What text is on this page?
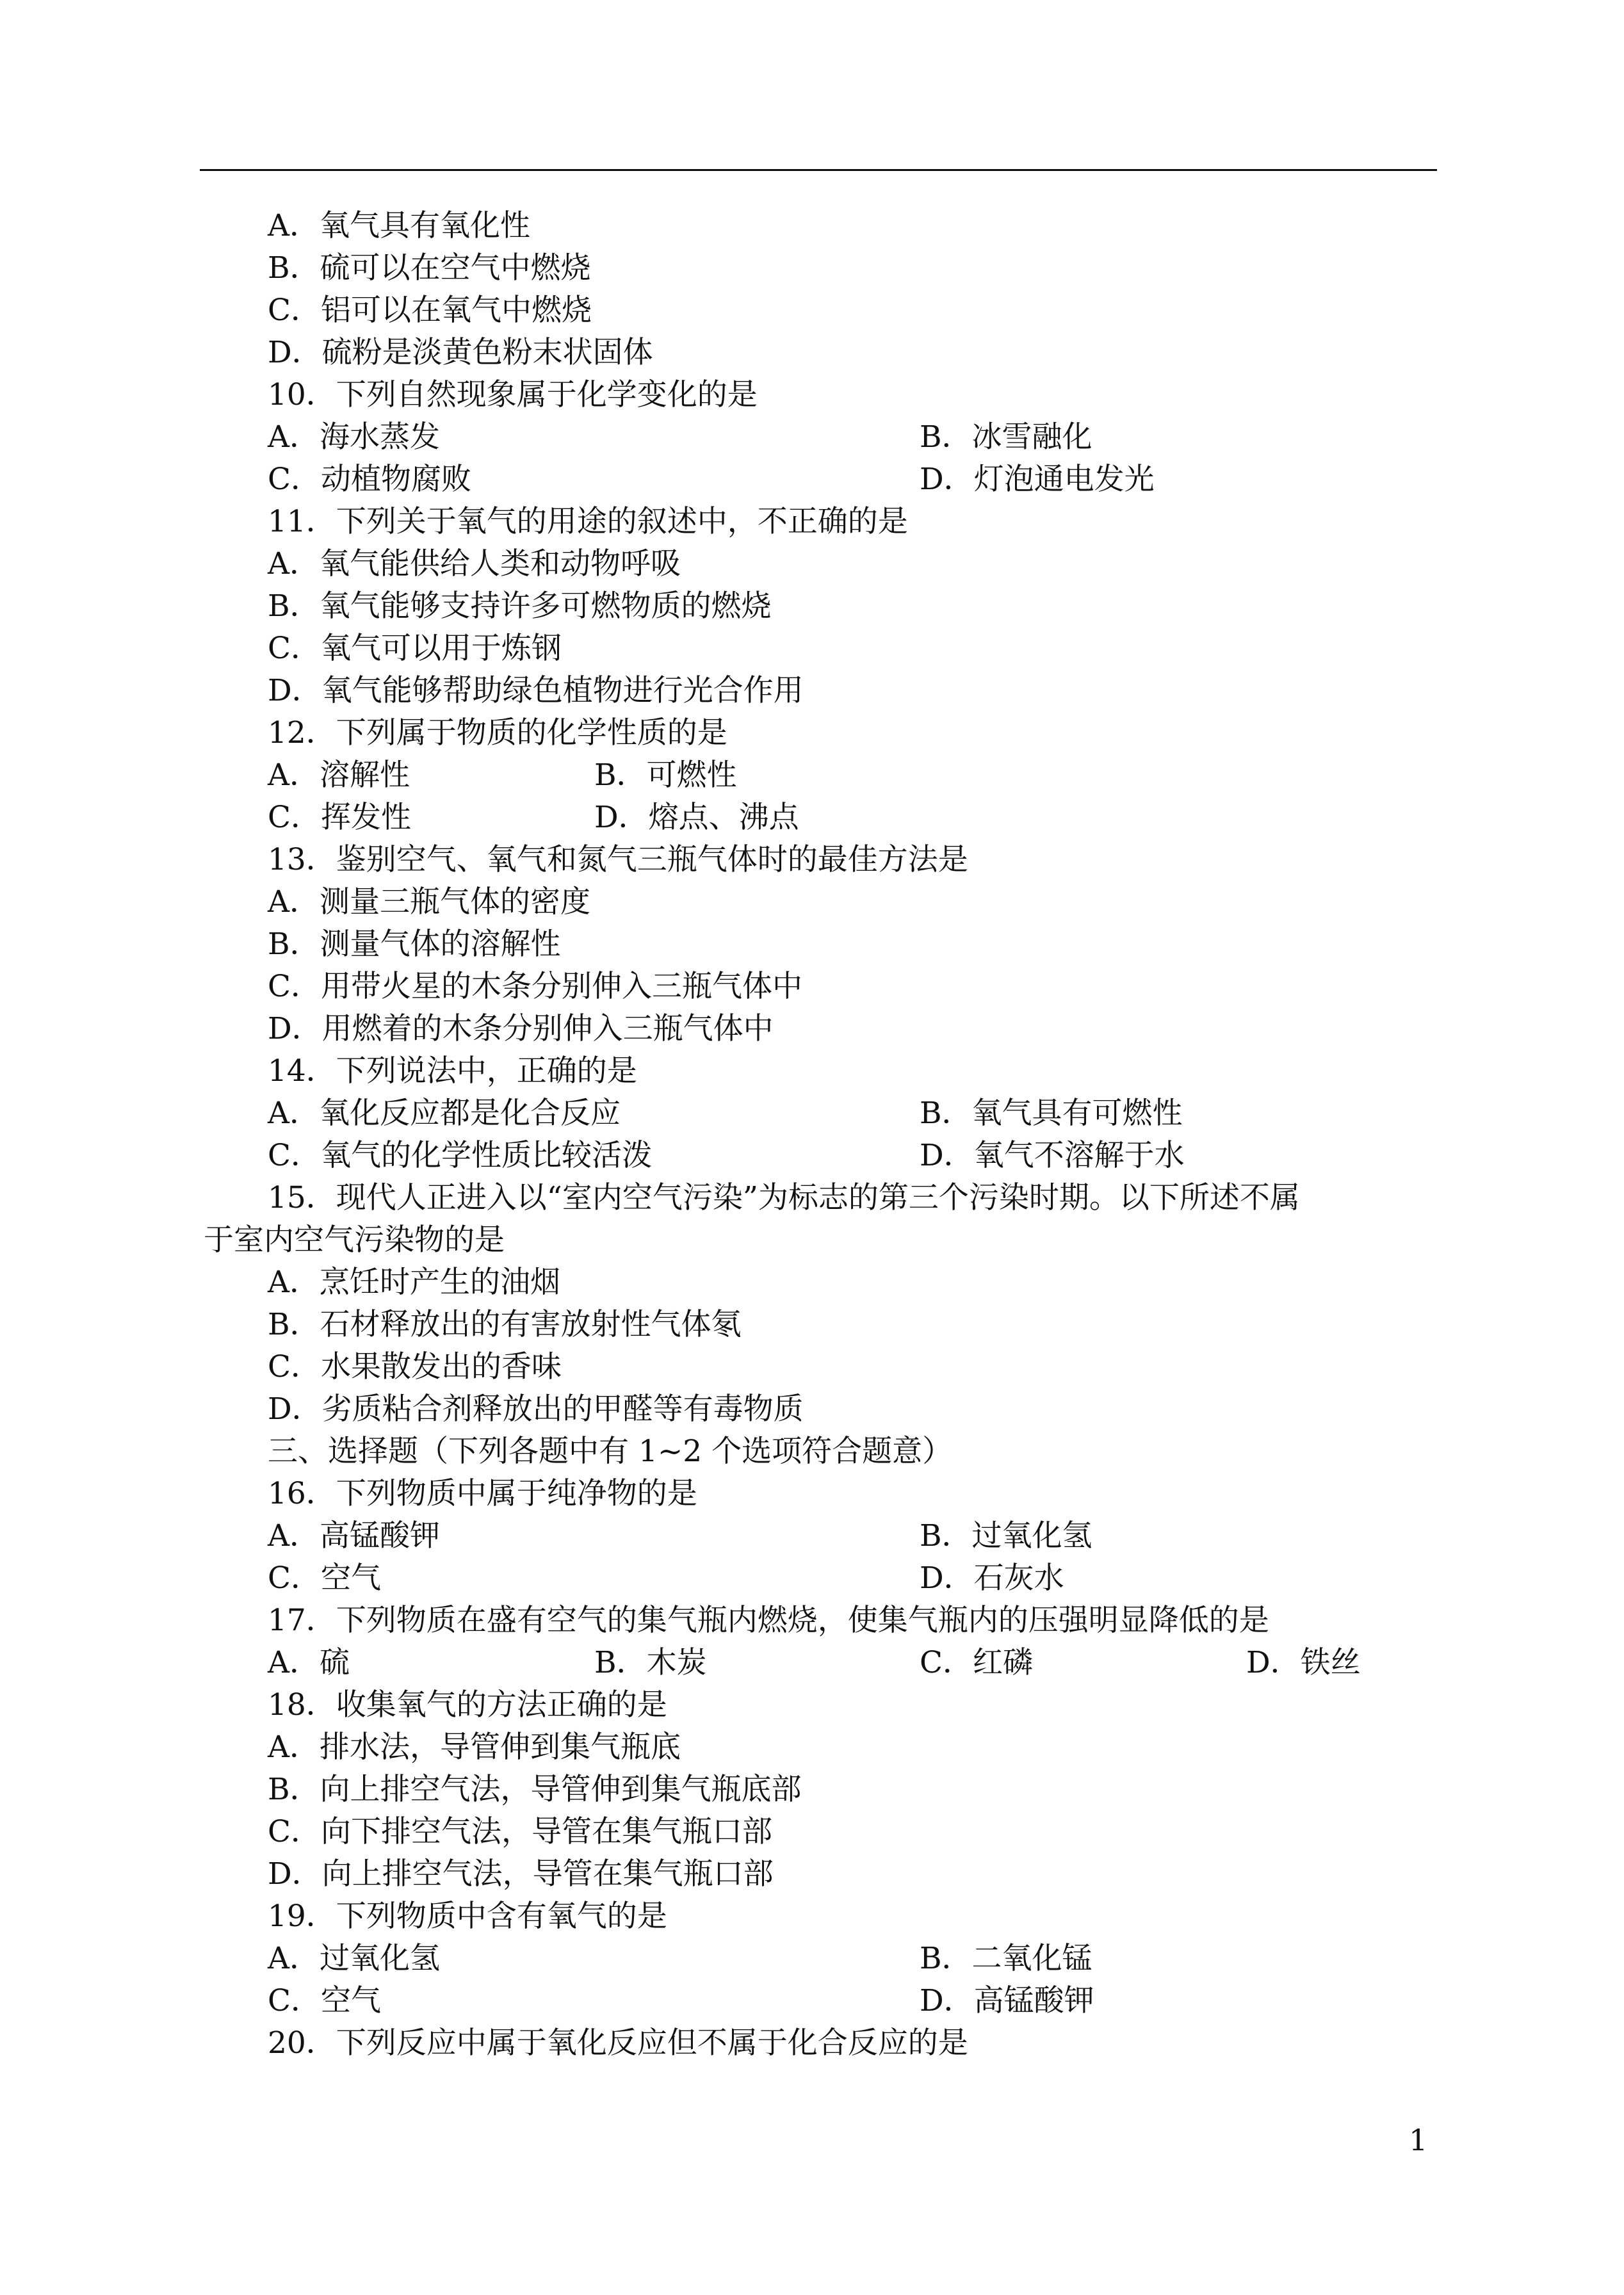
A．氧气具有氧化性
B．硫可以在空气中燃烧
C．铝可以在氧气中燃烧
D．硫粉是淡黄色粉末状固体
10．下列自然现象属于化学变化的是
A．海水蒸发	B．冰雪融化
C．动植物腐败	D．灯泡通电发光
11．下列关于氧气的用途的叙述中，不正确的是
A．氧气能供给人类和动物呼吸
B．氧气能够支持许多可燃物质的燃烧
C．氧气可以用于炼钢
D．氧气能够帮助绿色植物进行光合作用
12．下列属于物质的化学性质的是
A．溶解性	B．可燃性
C．挥发性	D．熔点、沸点
13．鉴别空气、氧气和氮气三瓶气体时的最佳方法是
A．测量三瓶气体的密度
B．测量气体的溶解性
C．用带火星的木条分别伸入三瓶气体中
D．用燃着的木条分别伸入三瓶气体中
14．下列说法中，正确的是
A．氧化反应都是化合反应	B．氧气具有可燃性
C．氧气的化学性质比较活泼	D．氧气不溶解于水
15．现代人正进入以“室内空气污染”为标志的第三个污染时期。以下所述不属
于室内空气污染物的是
A．烹饪时产生的油烟
B．石材释放出的有害放射性气体氡
C．水果散发出的香味
D．劣质粘合剂释放出的甲醛等有毒物质
三、选择题（下列各题中有 1~2 个选项符合题意）
16．下列物质中属于纯净物的是
A．高锰酸钾	B．过氧化氢
C．空气	D．石灰水
17．下列物质在盛有空气的集气瓶内燃烧，使集气瓶内的压强明显降低的是
A．硫	B．木炭	C．红磷	D．铁丝
18．收集氧气的方法正确的是
A．排水法，导管伸到集气瓶底
B．向上排空气法，导管伸到集气瓶底部
C．向下排空气法，导管在集气瓶口部
D．向上排空气法，导管在集气瓶口部
19．下列物质中含有氧气的是
A．过氧化氢	B．二氧化锰
C．空气	D．高锰酸钾
20．下列反应中属于氧化反应但不属于化合反应的是
1
